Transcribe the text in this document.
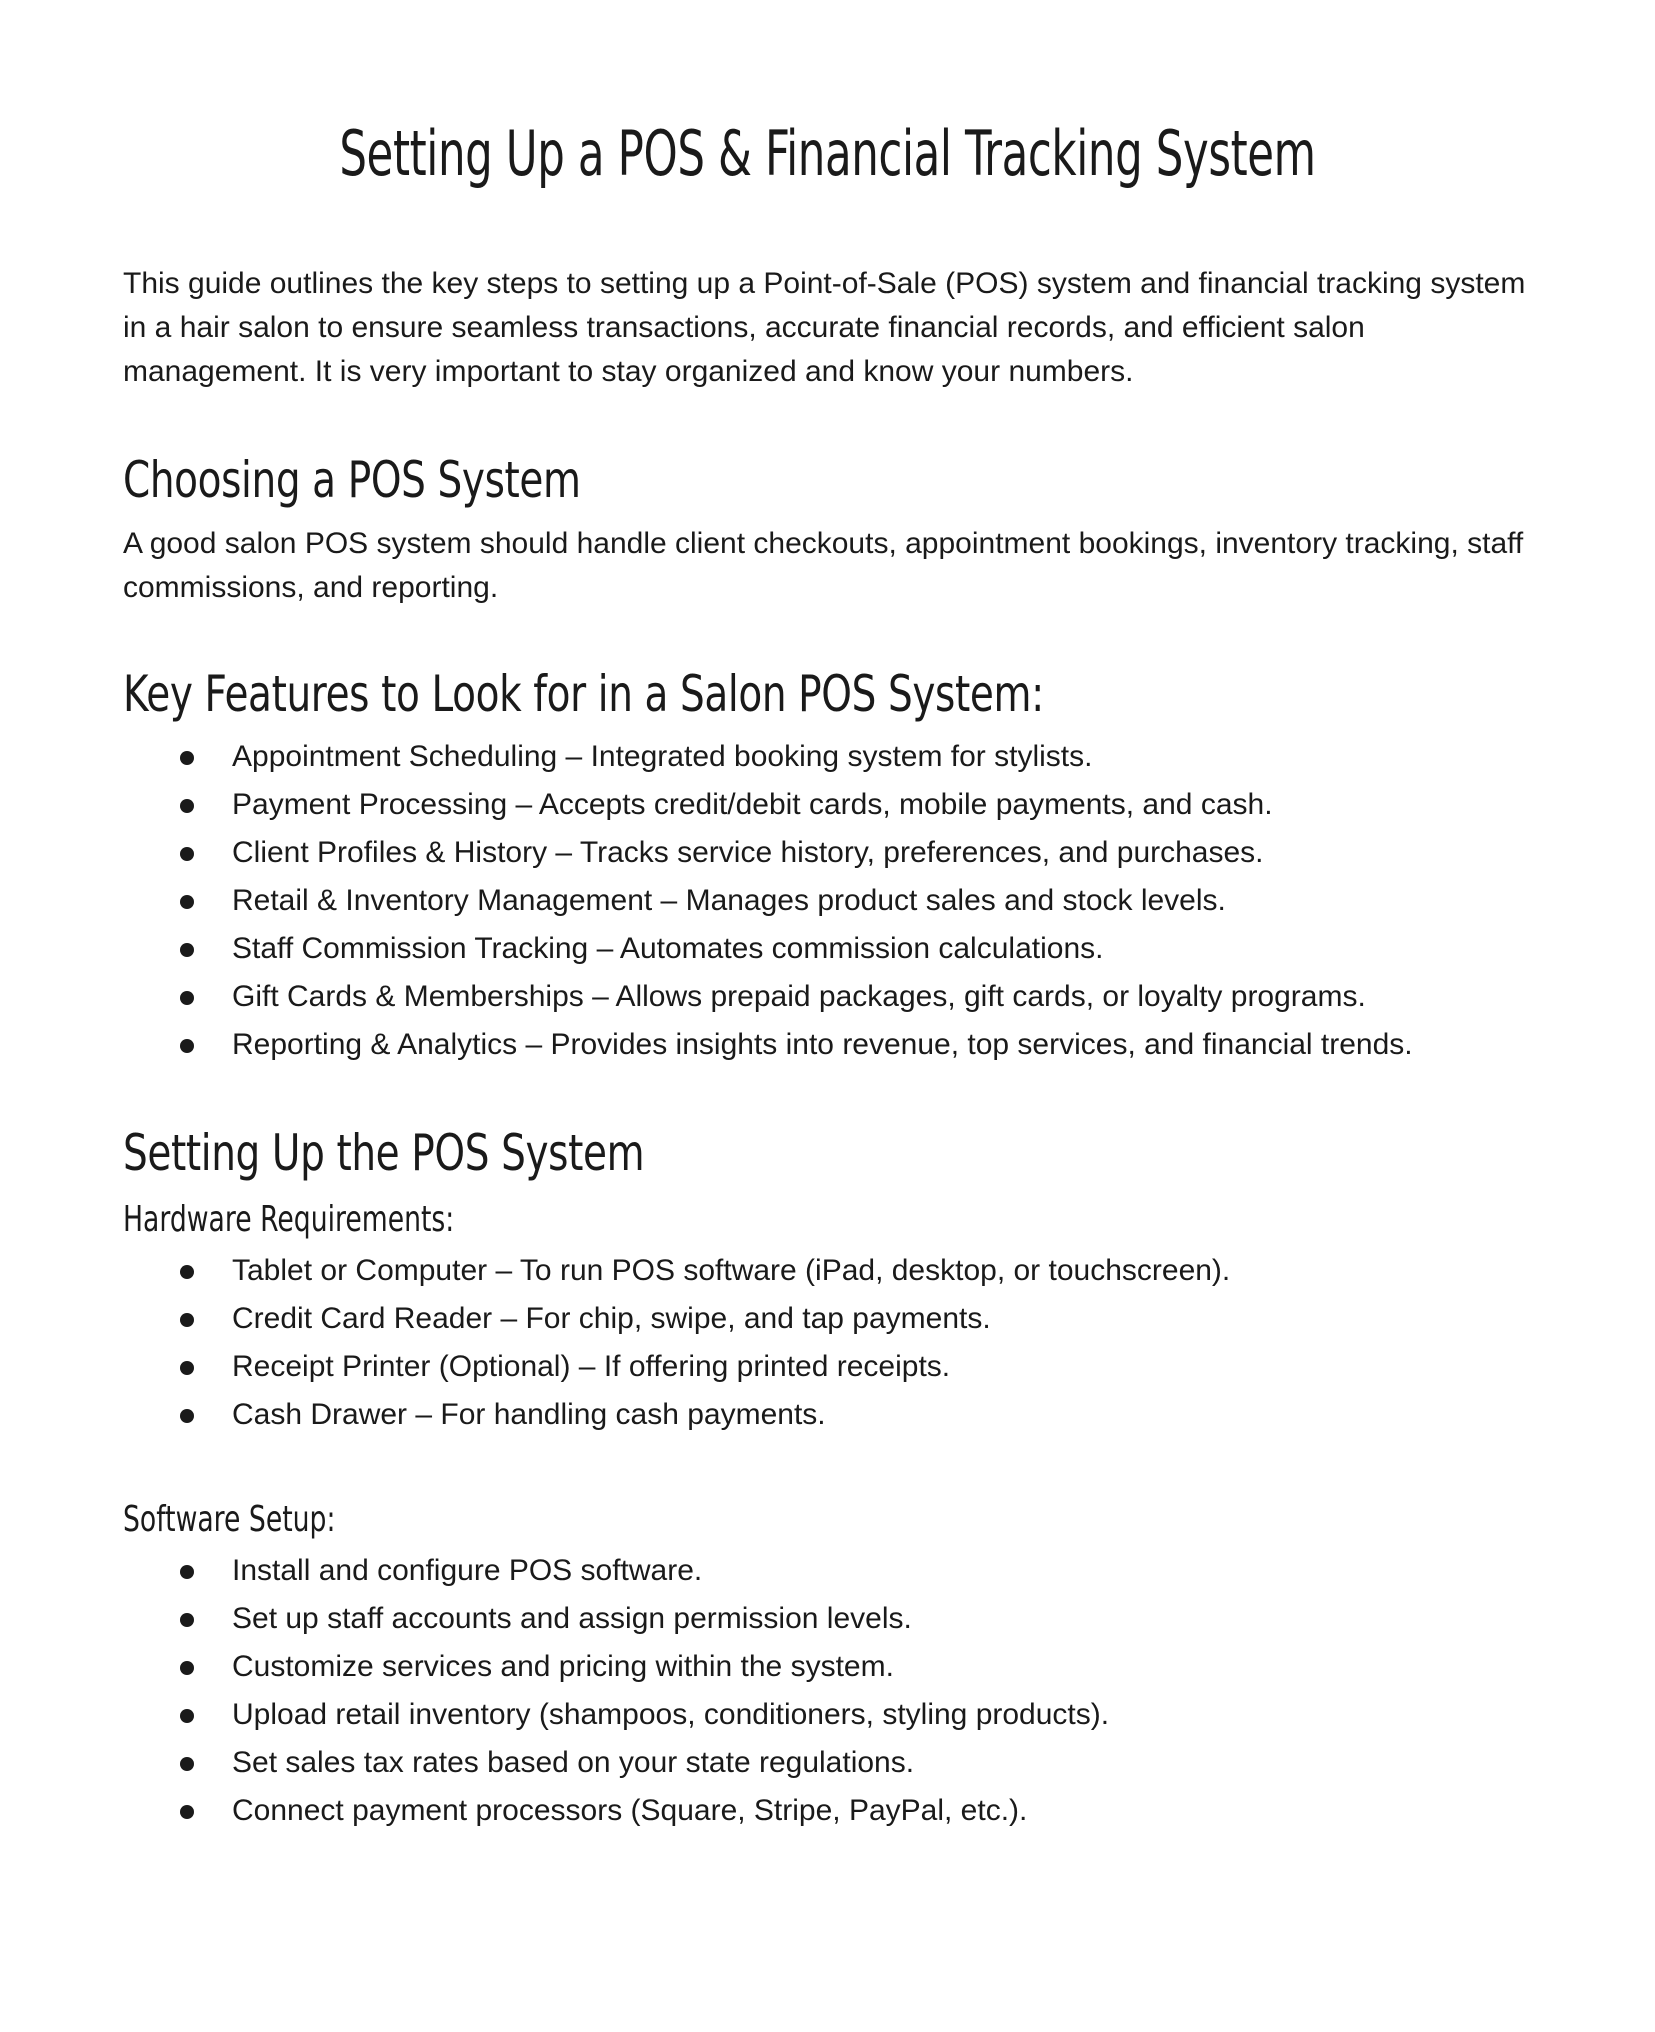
Setting Up a POS & Financial Tracking System

This guide outlines the key steps to setting up a Point-of-Sale (POS) system and financial tracking system in a hair salon to ensure seamless transactions, accurate financial records, and efficient salon management. It is very important to stay organized and know your numbers.

Choosing a POS System

A good salon POS system should handle client checkouts, appointment bookings, inventory tracking, staff commissions, and reporting.

Key Features to Look for in a Salon POS System:
Appointment Scheduling – Integrated booking system for stylists.
Payment Processing – Accepts credit/debit cards, mobile payments, and cash.
Client Profiles & History – Tracks service history, preferences, and purchases.
Retail & Inventory Management – Manages product sales and stock levels.
Staff Commission Tracking – Automates commission calculations.
Gift Cards & Memberships – Allows prepaid packages, gift cards, or loyalty programs.
Reporting & Analytics – Provides insights into revenue, top services, and financial trends.
Setting Up the POS System
Hardware Requirements:
Tablet or Computer – To run POS software (iPad, desktop, or touchscreen).
Credit Card Reader – For chip, swipe, and tap payments.
Receipt Printer (Optional) – If offering printed receipts.
Cash Drawer – For handling cash payments.
Software Setup:
Install and configure POS software.
Set up staff accounts and assign permission levels.
Customize services and pricing within the system.
Upload retail inventory (shampoos, conditioners, styling products).
Set sales tax rates based on your state regulations.
Connect payment processors (Square, Stripe, PayPal, etc.).
